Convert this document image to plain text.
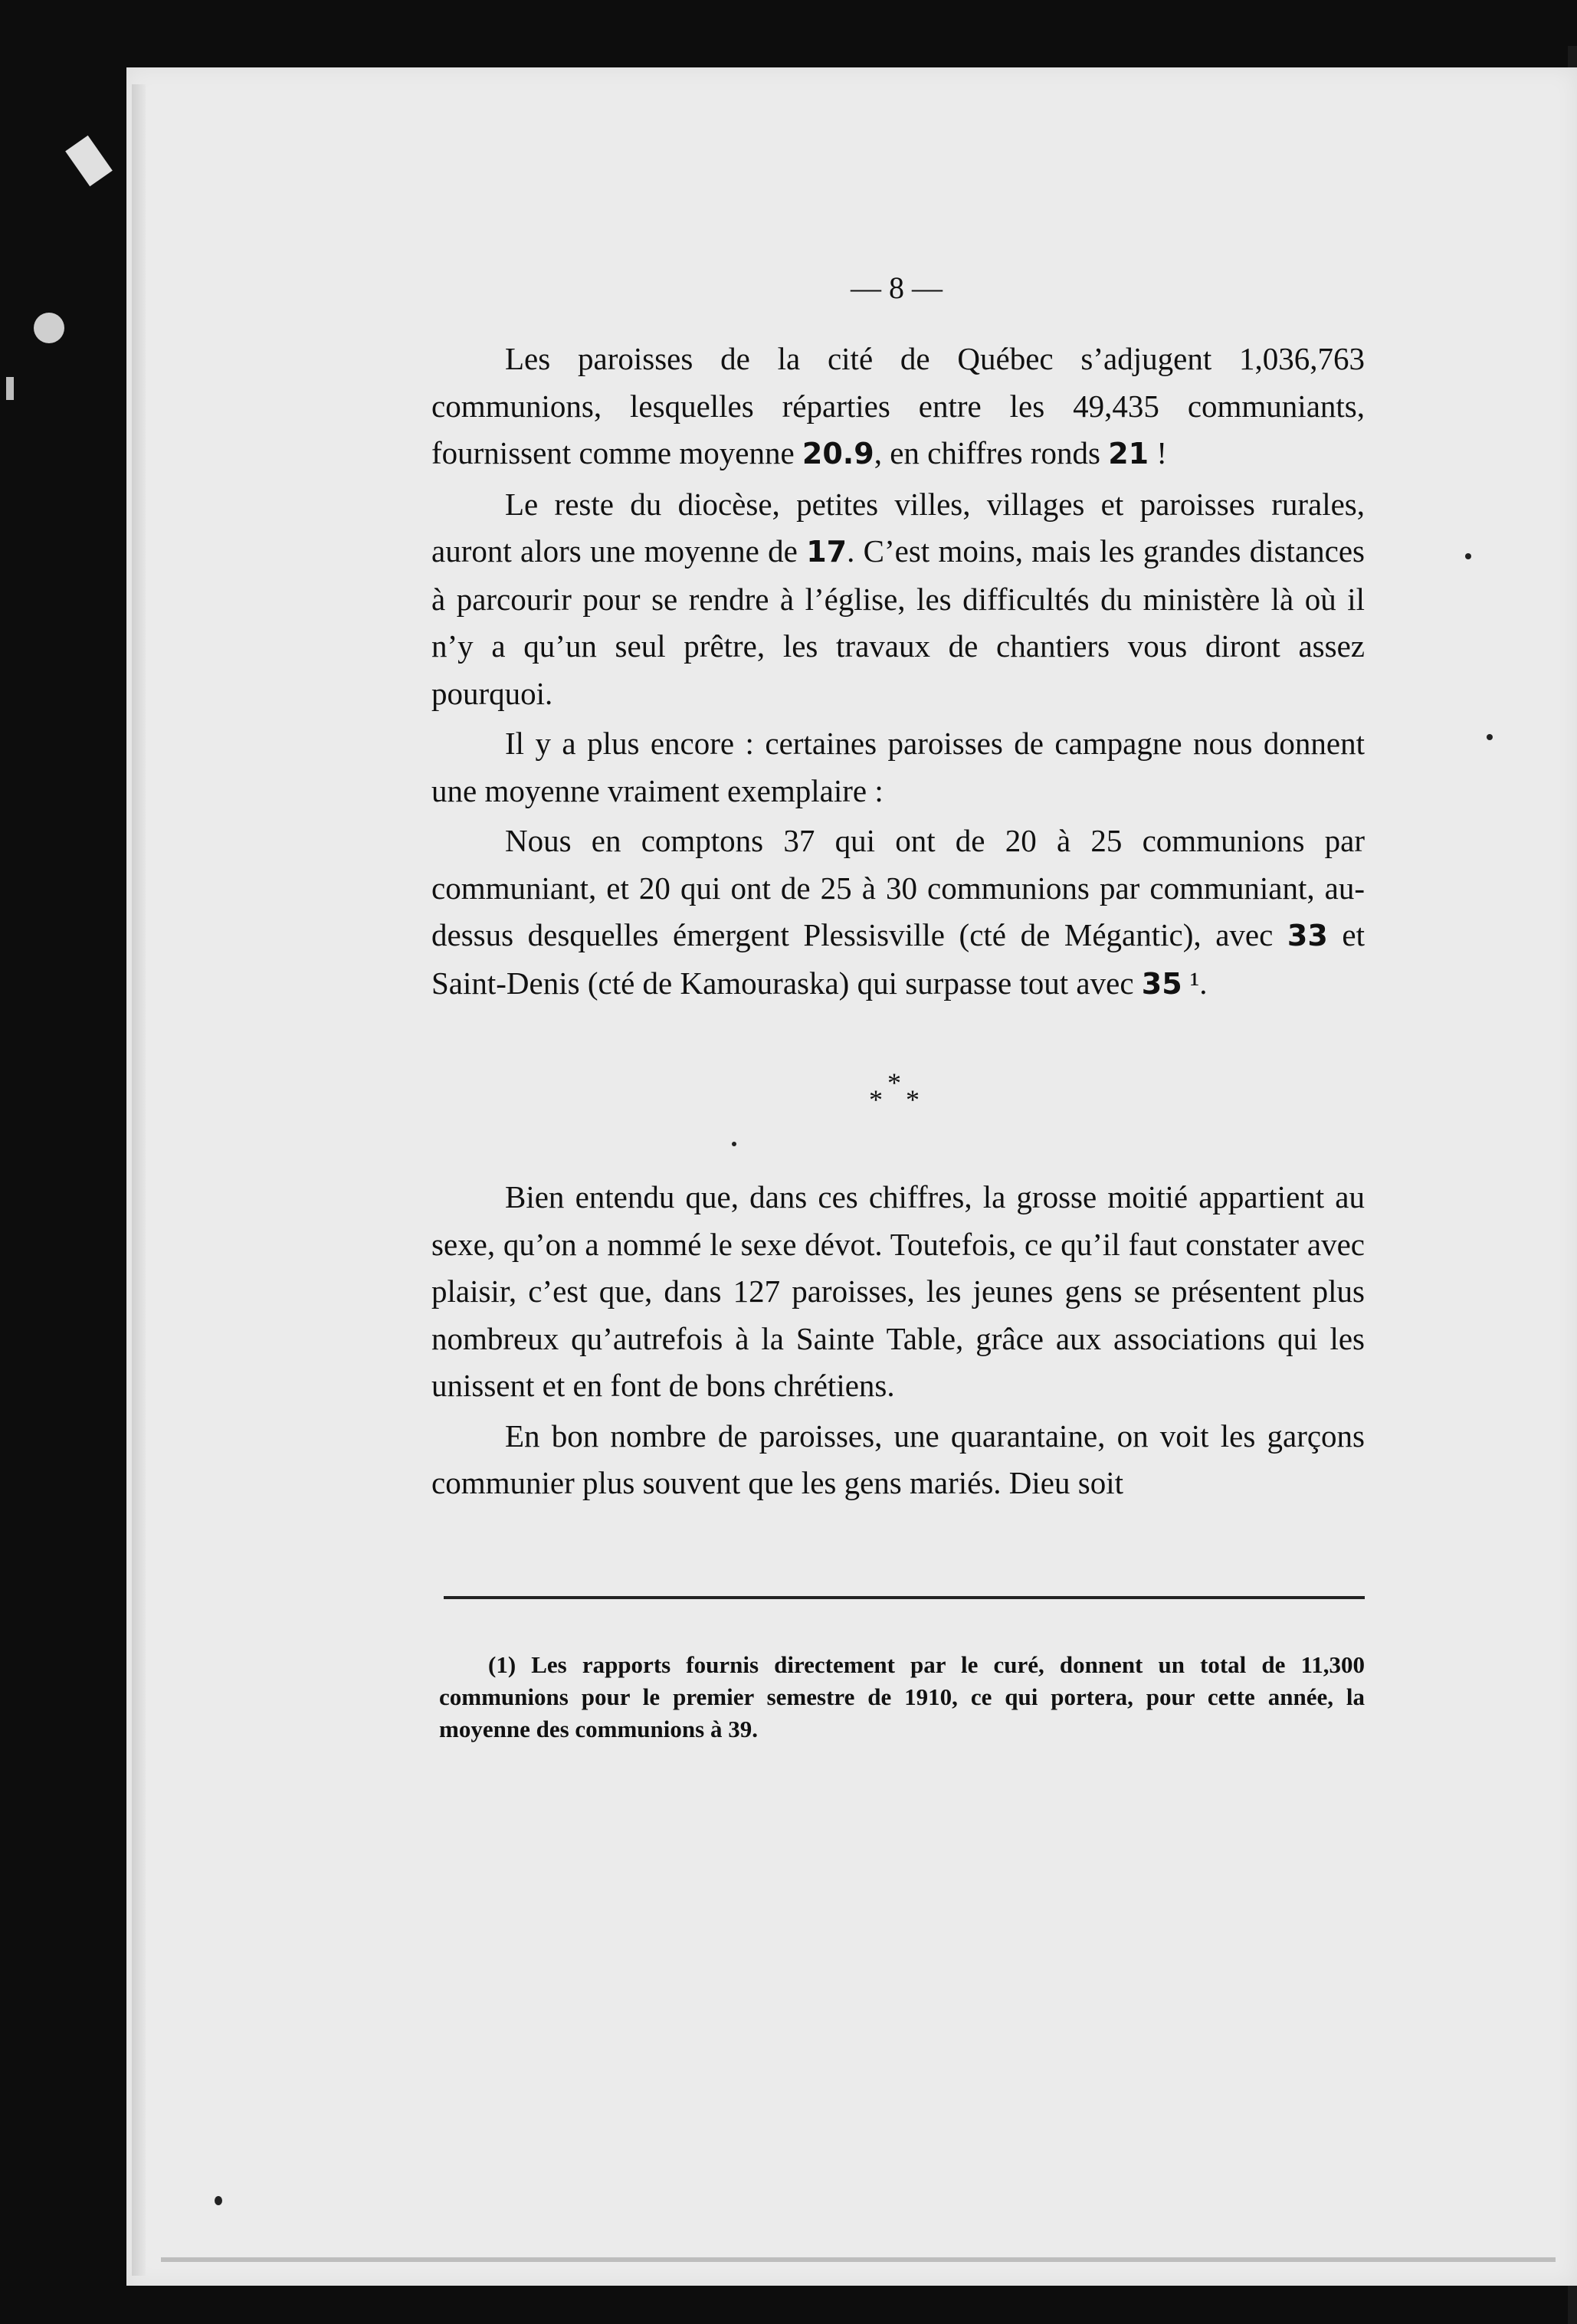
— 8 —

Les paroisses de la cité de Québec s’adjugent 1,036,763 communions, lesquelles réparties entre les 49,435 communiants, fournissent comme moyenne 20.9, en chiffres ronds 21 !

Le reste du diocèse, petites villes, villages et paroisses rurales, auront alors une moyenne de 17. C’est moins, mais les grandes distances à parcourir pour se rendre à l’église, les difficultés du ministère là où il n’y a qu’un seul prêtre, les travaux de chantiers vous diront assez pourquoi.

Il y a plus encore : certaines paroisses de campagne nous donnent une moyenne vraiment exemplaire :

Nous en comptons 37 qui ont de 20 à 25 communions par communiant, et 20 qui ont de 25 à 30 communions par communiant, au-dessus desquelles émergent Plessisville (cté de Mégantic), avec 33 et Saint-Denis (cté de Kamouraska) qui surpasse tout avec 35 ¹.

*
* *

Bien entendu que, dans ces chiffres, la grosse moitié appartient au sexe, qu’on a nommé le sexe dévot. Toutefois, ce qu’il faut constater avec plaisir, c’est que, dans 127 paroisses, les jeunes gens se présentent plus nombreux qu’autrefois à la Sainte Table, grâce aux associations qui les unissent et en font de bons chrétiens.

En bon nombre de paroisses, une quarantaine, on voit les garçons communier plus souvent que les gens mariés. Dieu soit

(1) Les rapports fournis directement par le curé, donnent un total de 11,300 communions pour le premier semestre de 1910, ce qui portera, pour cette année, la moyenne des communions à 39.
